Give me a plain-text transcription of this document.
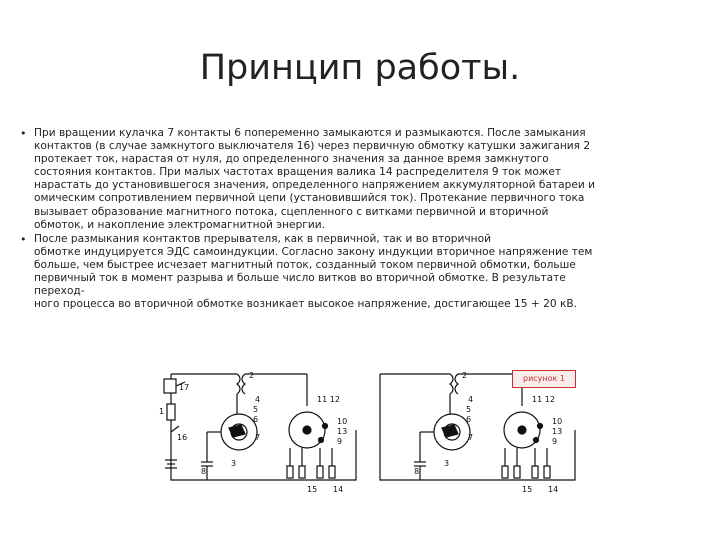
Принцип работы.
• При вращении кулачка 7 контакты 6 попеременно замыкаются и размыкаются. После замыкания
контактов (в случае замкнутого выключателя 16) через первичную обмотку катушки зажигания 2
протекает ток, нарастая от нуля, до определенного значения за данное время замкнутого
состояния контактов. При малых частотах вращения валика 14 распределителя 9 ток может
нарастать до установившегося значения, определенного напряжением аккумуляторной батареи и
омическим сопротивлением первичной цепи (установившийся ток). Протекание первичного тока
вызывает образование магнитного потока, сцепленного с витками первичной и вторичной
обмоток, и накопление электромагнитной энергии.
• После размыкания контактов прерывателя, как в первичной, так и во вторичной
обмотке индуцируется ЭДС самоиндукции. Согласно закону индукции вторичное напряжение тем
больше, чем быстрее исчезает магнитный поток, созданный током первичной обмотки, больше
первичный ток в момент разрыва и больше число витков во вторичной обмотке. В результате
переход-
ного процесса во вторичной обмотке возникает высокое напряжение, достигающее 15 + 20 кВ.
17
1
16
2
4
5
6
7
3
8
11 12
10
13
9
15 14
2
4
5
6
7
3
8
11 12
10
13
9
15 14
рисунок 1
